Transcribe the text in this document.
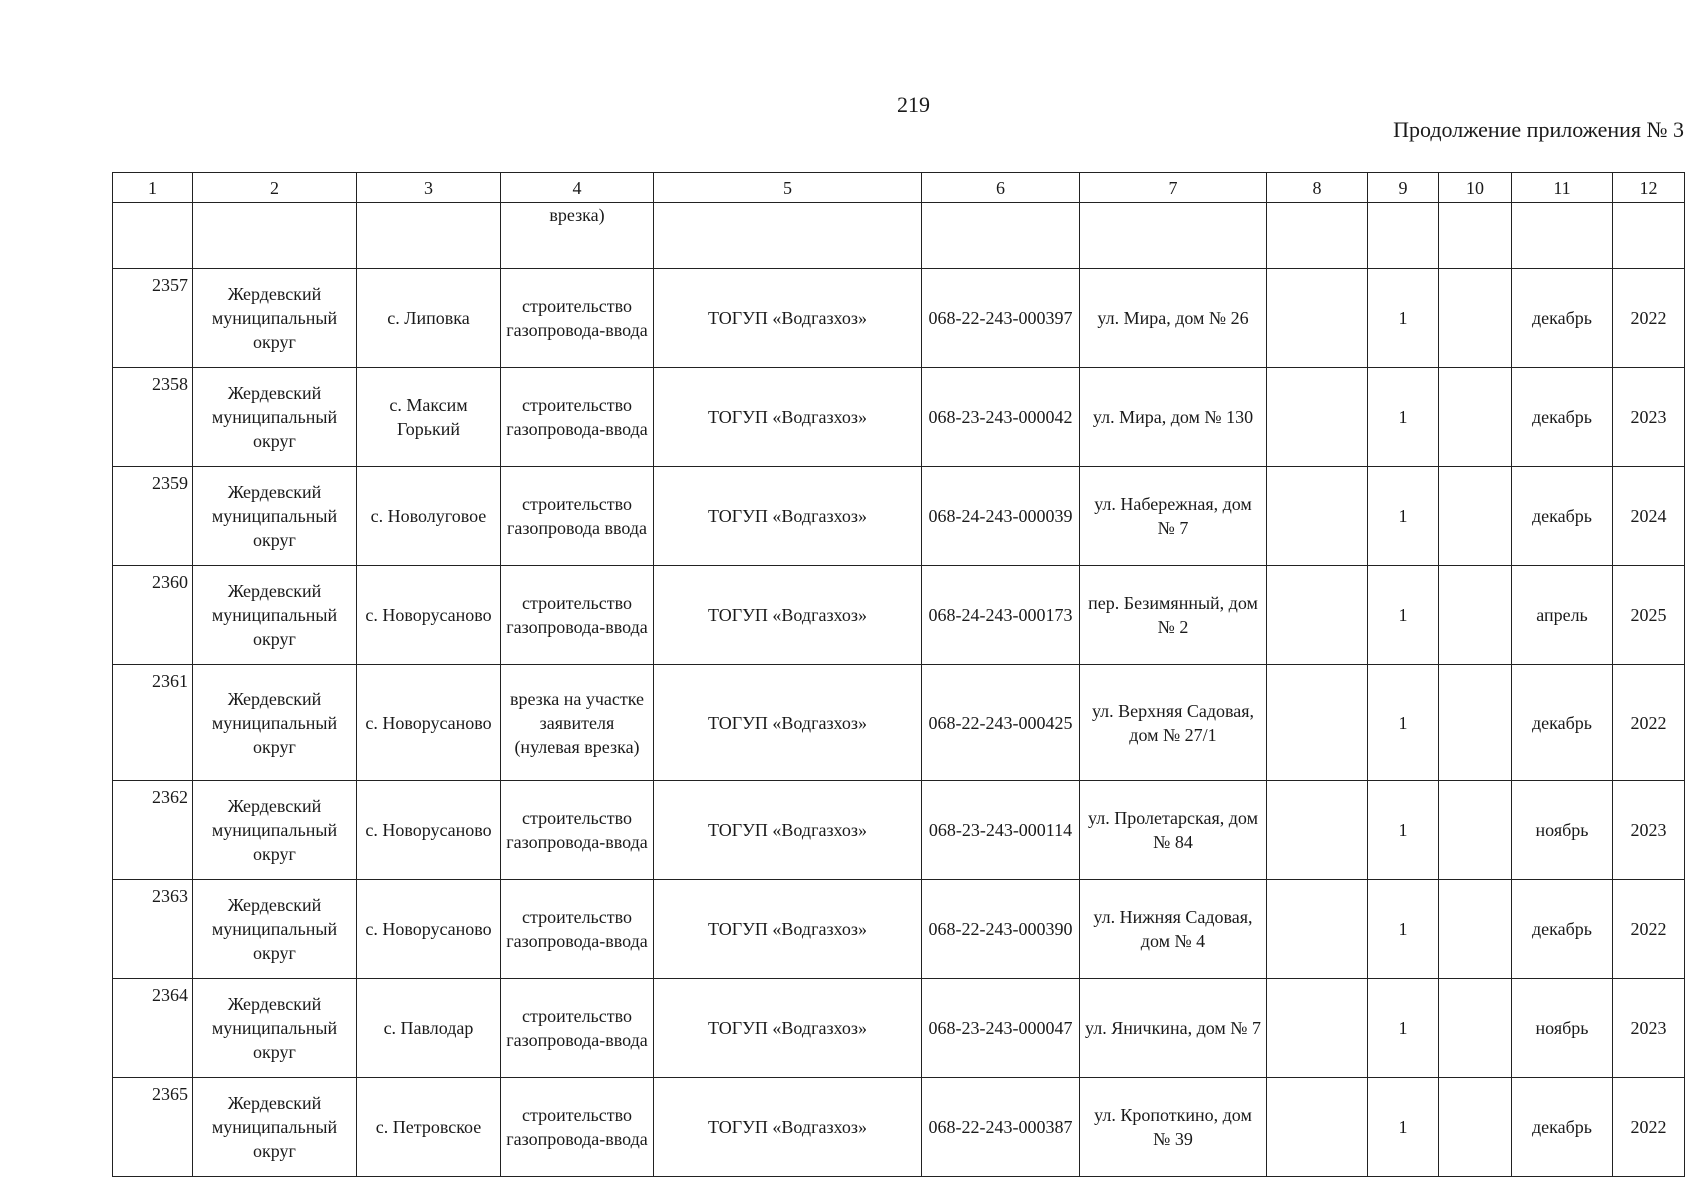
219
Продолжение приложения № 3
1	2	3	4	5	6	7	8	9	10	11	12
			врезка)								
2357	Жердевский муниципальный округ	с. Липовка	строительство газопровода-ввода	ТОГУП «Водгазхоз»	068-22-243-000397	ул. Мира, дом № 26		1		декабрь	2022
2358	Жердевский муниципальный округ	с. Максим Горький	строительство газопровода-ввода	ТОГУП «Водгазхоз»	068-23-243-000042	ул. Мира, дом № 130		1		декабрь	2023
2359	Жердевский муниципальный округ	с. Новолуговое	строительство газопровода ввода	ТОГУП «Водгазхоз»	068-24-243-000039	ул. Набережная, дом № 7		1		декабрь	2024
2360	Жердевский муниципальный округ	с. Новорусаново	строительство газопровода-ввода	ТОГУП «Водгазхоз»	068-24-243-000173	пер. Безимянный, дом № 2		1		апрель	2025
2361	Жердевский муниципальный округ	с. Новорусаново	врезка на участке заявителя (нулевая врезка)	ТОГУП «Водгазхоз»	068-22-243-000425	ул. Верхняя Садовая, дом № 27/1		1		декабрь	2022
2362	Жердевский муниципальный округ	с. Новорусаново	строительство газопровода-ввода	ТОГУП «Водгазхоз»	068-23-243-000114	ул. Пролетарская, дом № 84		1		ноябрь	2023
2363	Жердевский муниципальный округ	с. Новорусаново	строительство газопровода-ввода	ТОГУП «Водгазхоз»	068-22-243-000390	ул. Нижняя Садовая, дом № 4		1		декабрь	2022
2364	Жердевский муниципальный округ	с. Павлодар	строительство газопровода-ввода	ТОГУП «Водгазхоз»	068-23-243-000047	ул. Яничкина, дом № 7		1		ноябрь	2023
2365	Жердевский муниципальный округ	с. Петровское	строительство газопровода-ввода	ТОГУП «Водгазхоз»	068-22-243-000387	ул. Кропоткино, дом № 39		1		декабрь	2022
